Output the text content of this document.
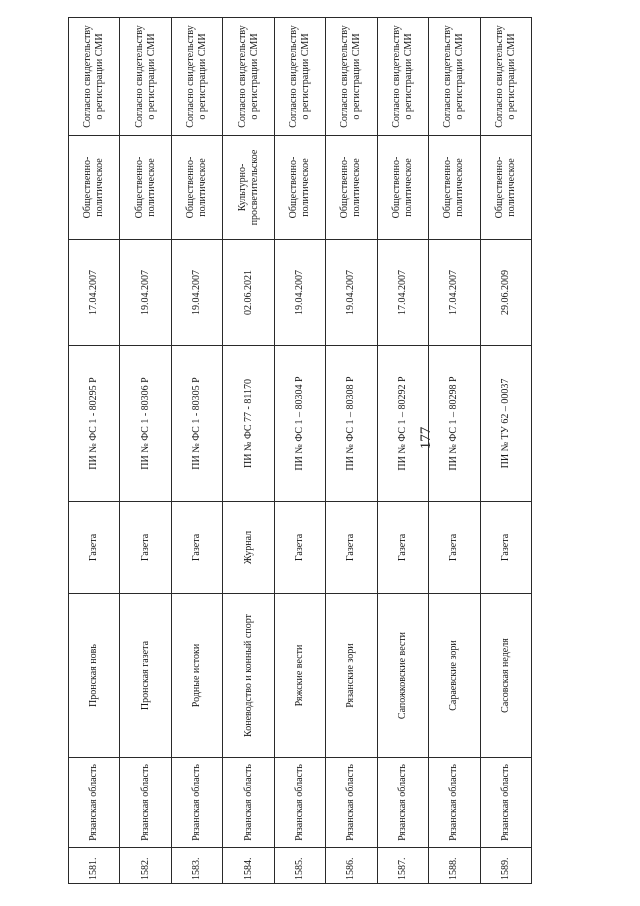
177
1581.	Рязанская область	Пронская новь	Газета	ПИ № ФС 1 - 80295 Р	17.04.2007	Общественно-политическое	Согласно свидетельству о регистрации СМИ
1582.	Рязанская область	Пронская газета	Газета	ПИ № ФС 1 - 80306 Р	19.04.2007	Общественно-политическое	Согласно свидетельству о регистрации СМИ
1583.	Рязанская область	Родные истоки	Газета	ПИ № ФС 1 - 80305 Р	19.04.2007	Общественно-политическое	Согласно свидетельству о регистрации СМИ
1584.	Рязанская область	Коневодство и конный спорт	Журнал	ПИ № ФС 77 - 81170	02.06.2021	Культурно-просветительское	Согласно свидетельству о регистрации СМИ
1585.	Рязанская область	Ряжские вести	Газета	ПИ № ФС 1 – 80304 Р	19.04.2007	Общественно-политическое	Согласно свидетельству о регистрации СМИ
1586.	Рязанская область	Рязанские зори	Газета	ПИ № ФС 1 – 80308 Р	19.04.2007	Общественно-политическое	Согласно свидетельству о регистрации СМИ
1587.	Рязанская область	Сапожковские вести	Газета	ПИ № ФС 1 – 80292 Р	17.04.2007	Общественно-политическое	Согласно свидетельству о регистрации СМИ
1588.	Рязанская область	Сараевские зори	Газета	ПИ № ФС 1 – 80298 Р	17.04.2007	Общественно-политическое	Согласно свидетельству о регистрации СМИ
1589.	Рязанская область	Сасовская неделя	Газета	ПИ № ТУ 62 – 00037	29.06.2009	Общественно-политическое	Согласно свидетельству о регистрации СМИ
